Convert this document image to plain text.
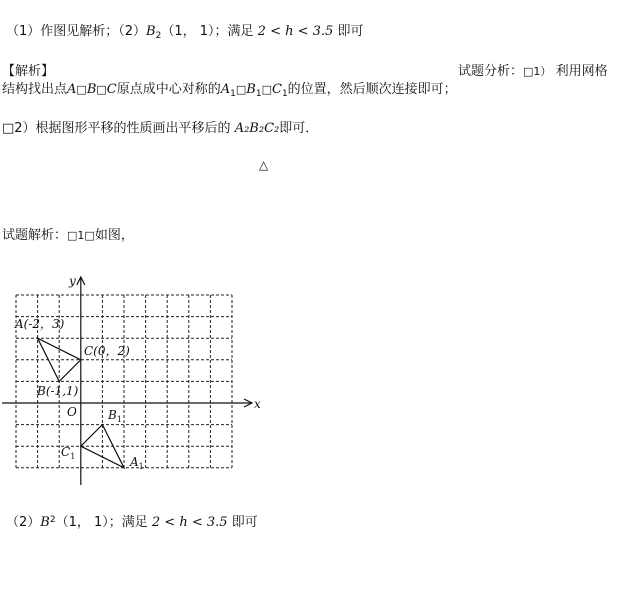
（1）作图见解析；$(2)B_2(1$， 1）；满足 2 < h < 3.5 即可
【解析】	试题分析：□1） 利用网格
结构找出点A□B□C原点成中心对称的$A_1□B_1□C_1$的位置，然后顺次连接即可；
□2）根据图形平移的性质画出平移后的 A₂B₂C₂即可．
△
试题解析：□1□如图，
x
y
O
A(-2，3)
B(-1,1)
C(0，2)
$A_1$
$B_1$
$C_1$
$(2)B^2(1$， 1）；满足 2 < h < 3.5 即可
